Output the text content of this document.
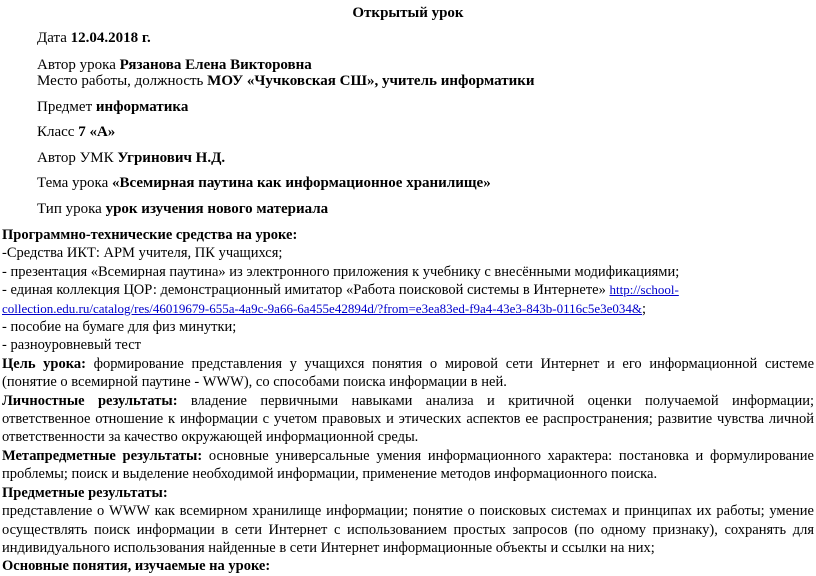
Открытый урок
Дата 12.04.2018 г.
Автор урока Рязанова Елена Викторовна
Место работы, должность МОУ «Чучковская СШ», учитель информатики
Предмет информатика
Класс 7 «А»
Автор УМК Угринович Н.Д.
Тема урока «Всемирная паутина как информационное хранилище»
Тип урока урок изучения нового материала
Программно-технические средства на уроке:
-Средства ИКТ: АРМ учителя, ПК учащихся;
- презентация «Всемирная паутина» из электронного приложения к учебнику с внесёнными модификациями;
- единая коллекция ЦОР: демонстрационный имитатор «Работа поисковой системы в Интернете» http://school-
collection.edu.ru/catalog/res/46019679-655a-4a9c-9a66-6a455e42894d/?from=e3ea83ed-f9a4-43e3-843b-0116c5e3e034&;
- пособие на бумаге для физ минутки;
- разноуровневый тест
Цель урока: формирование представления у учащихся понятия о мировой сети Интернет и его информационной системе
(понятие о всемирной паутине - WWW), со способами поиска информации в ней.
Личностные результаты: владение первичными навыками анализа и критичной оценки получаемой информации;
ответственное отношение к информации с учетом правовых и этических аспектов ее распространения; развитие чувства личной
ответственности за качество окружающей информационной среды.
Метапредметные результаты: основные универсальные умения информационного характера: постановка и формулирование
проблемы; поиск и выделение необходимой информации, применение методов информационного поиска.
Предметные результаты:
представление о WWW как всемирном хранилище информации; понятие о поисковых системах и принципах их работы; умение
осуществлять поиск информации в сети Интернет с использованием простых запросов (по одному признаку), сохранять для
индивидуального использования найденные в сети Интернет информационные объекты и ссылки на них;
Основные понятия, изучаемые на уроке:
